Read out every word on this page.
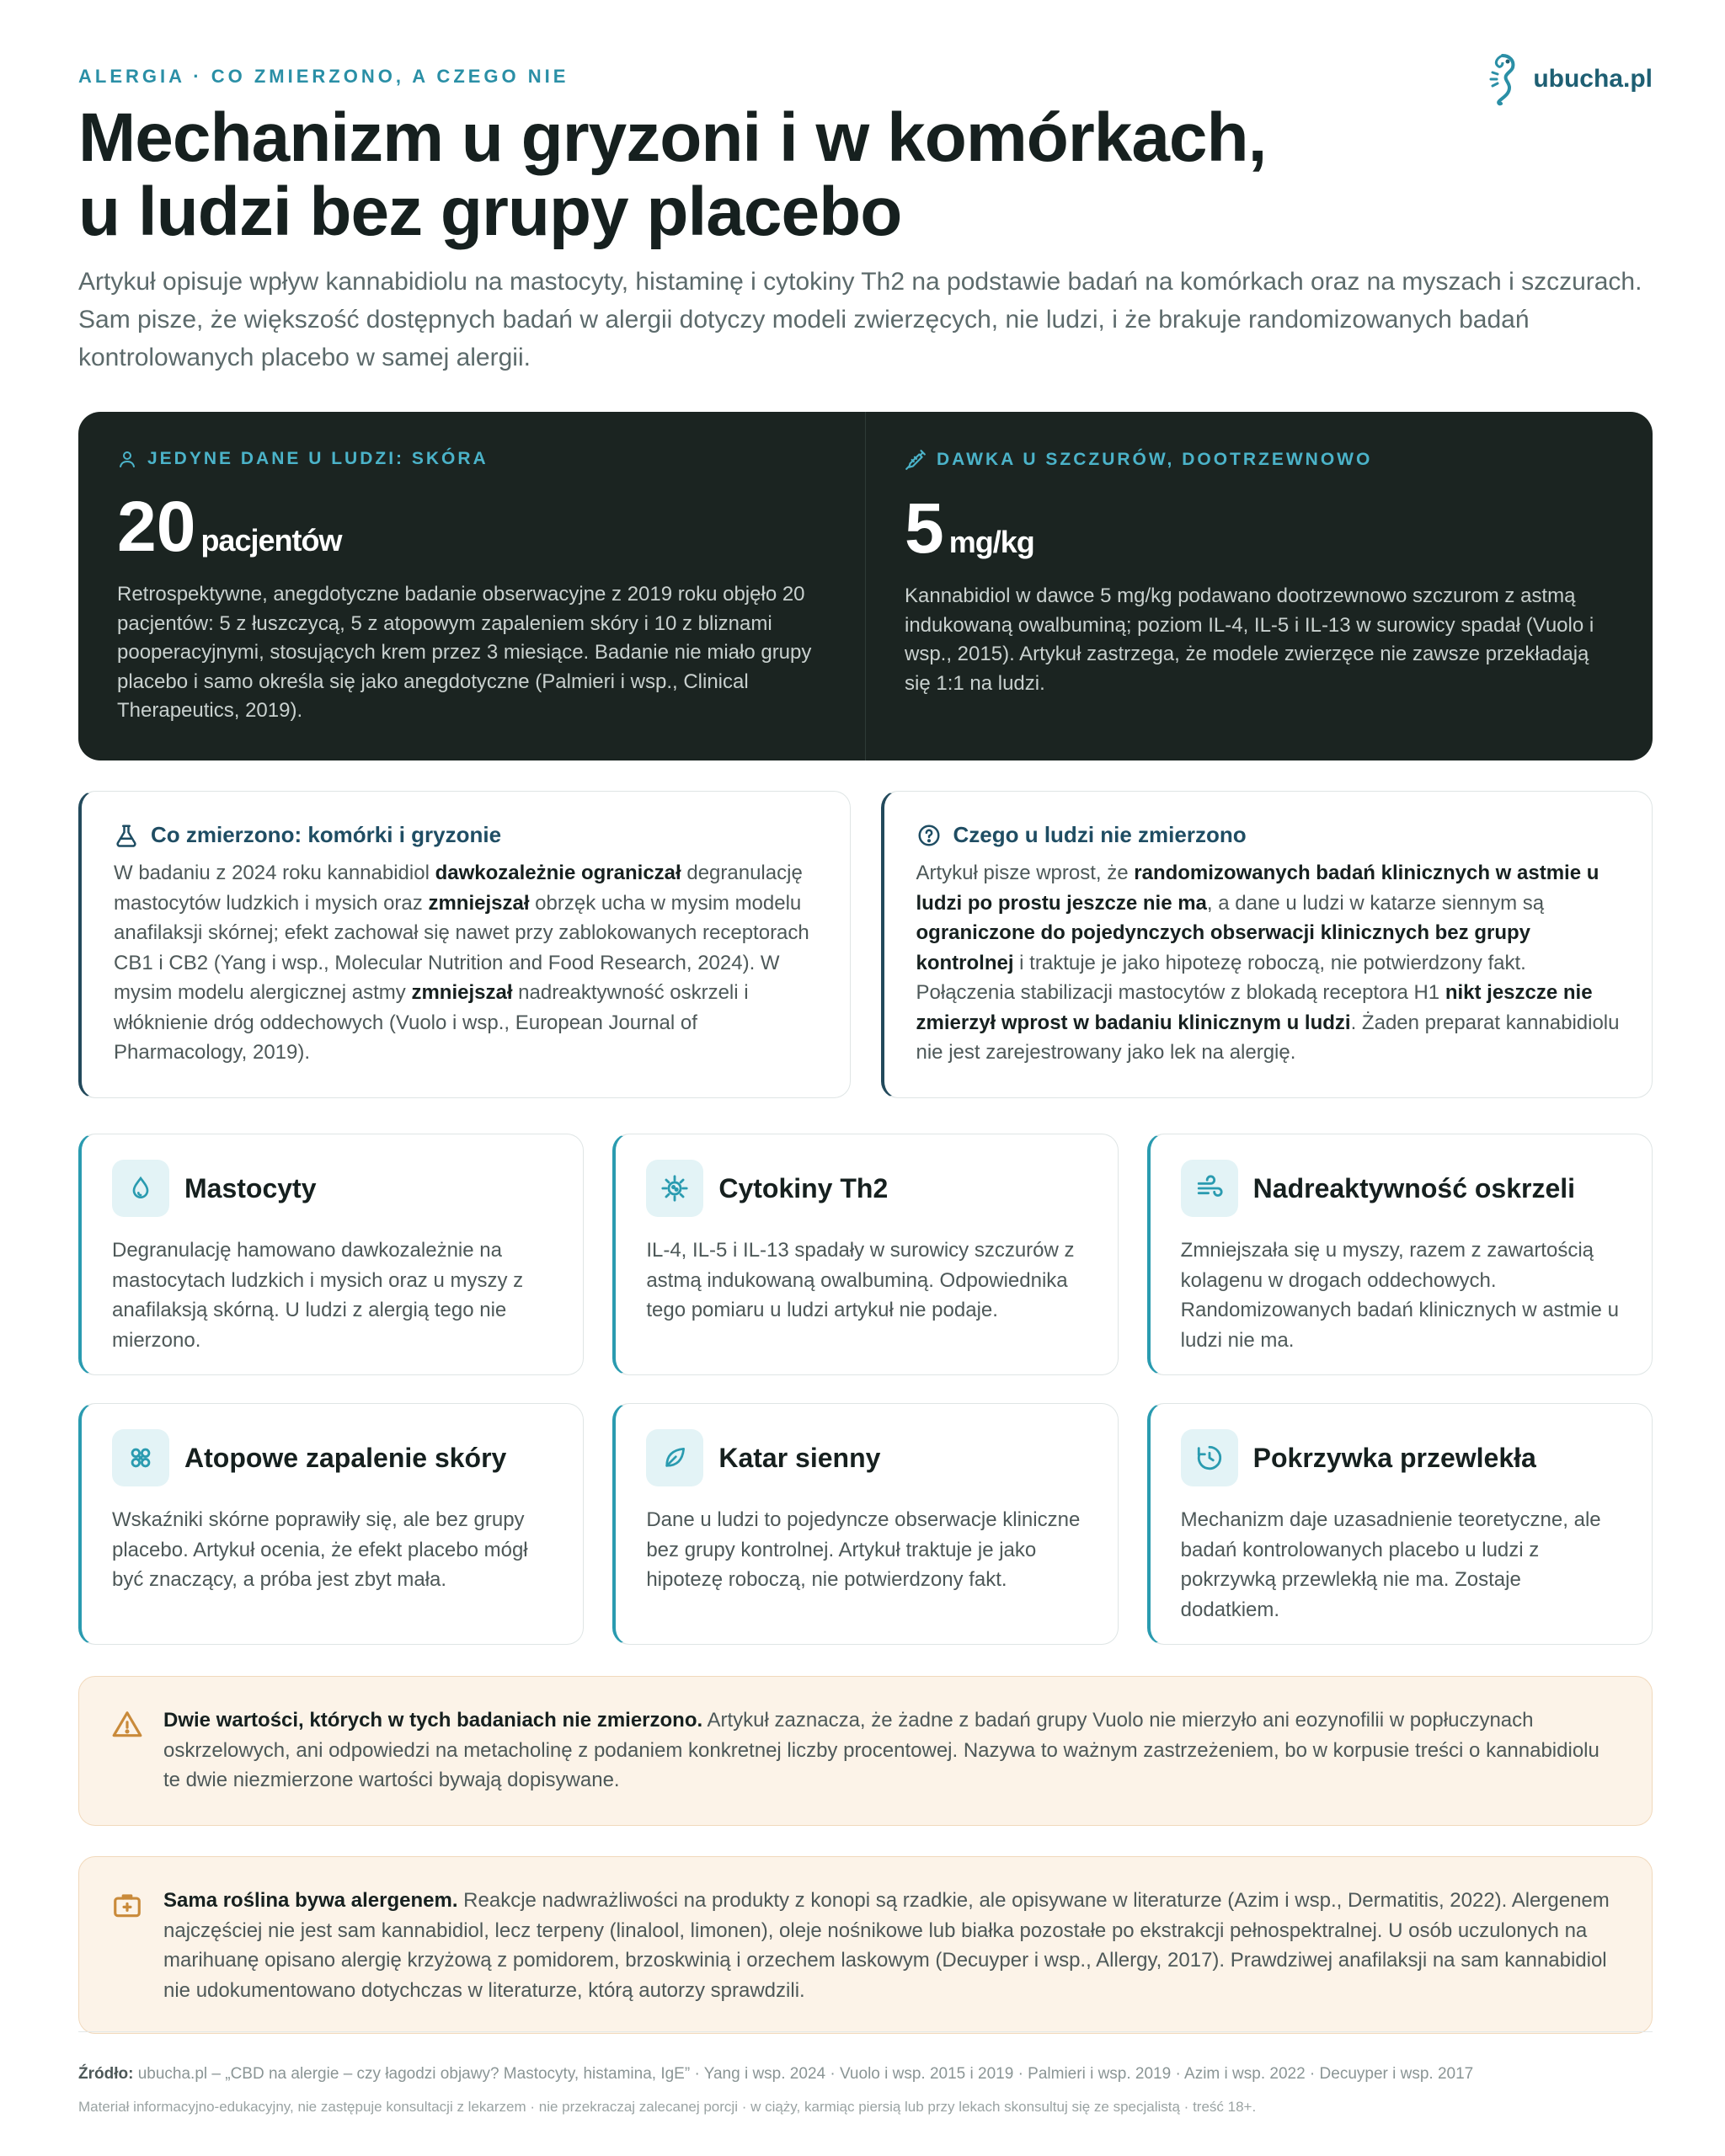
ALERGIA · CO ZMIERZONO, A CZEGO NIE	ubucha.pl
Mechanizm u gryzoni i w komórkach,
u ludzi bez grupy placebo

Artykuł opisuje wpływ kannabidiolu na mastocyty, histaminę i cytokiny Th2 na podstawie badań na komórkach oraz na myszach i szczurach. Sam pisze, że większość dostępnych badań w alergii dotyczy modeli zwierzęcych, nie ludzi, i że brakuje randomizowanych badań kontrolowanych placebo w samej alergii.

JEDYNE DANE U LUDZI: SKÓRA
20 pacjentów

Retrospektywne, anegdotyczne badanie obserwacyjne z 2019 roku objęło 20 pacjentów: 5 z łuszczycą, 5 z atopowym zapaleniem skóry i 10 z bliznami pooperacyjnymi, stosujących krem przez 3 miesiące. Badanie nie miało grupy placebo i samo określa się jako anegdotyczne (Palmieri i wsp., Clinical Therapeutics, 2019).

DAWKA U SZCZURÓW, DOOTRZEWNOWO
5 mg/kg

Kannabidiol w dawce 5 mg/kg podawano dootrzewnowo szczurom z astmą indukowaną owalbuminą; poziom IL-4, IL-5 i IL-13 w surowicy spadał (Vuolo i wsp., 2015). Artykuł zastrzega, że modele zwierzęce nie zawsze przekładają się 1:1 na ludzi.

Co zmierzono: komórki i gryzonie

W badaniu z 2024 roku kannabidiol dawkozależnie ograniczał degranulację mastocytów ludzkich i mysich oraz zmniejszał obrzęk ucha w mysim modelu anafilaksji skórnej; efekt zachował się nawet przy zablokowanych receptorach CB1 i CB2 (Yang i wsp., Molecular Nutrition and Food Research, 2024). W mysim modelu alergicznej astmy zmniejszał nadreaktywność oskrzeli i włóknienie dróg oddechowych (Vuolo i wsp., European Journal of Pharmacology, 2019).

Czego u ludzi nie zmierzono

Artykuł pisze wprost, że randomizowanych badań klinicznych w astmie u ludzi po prostu jeszcze nie ma, a dane u ludzi w katarze siennym są ograniczone do pojedynczych obserwacji klinicznych bez grupy kontrolnej i traktuje je jako hipotezę roboczą, nie potwierdzony fakt. Połączenia stabilizacji mastocytów z blokadą receptora H1 nikt jeszcze nie zmierzył wprost w badaniu klinicznym u ludzi. Żaden preparat kannabidiolu nie jest zarejestrowany jako lek na alergię.

Mastocyty

Degranulację hamowano dawkozależnie na mastocytach ludzkich i mysich oraz u myszy z anafilaksją skórną. U ludzi z alergią tego nie mierzono.

Cytokiny Th2

IL-4, IL-5 i IL-13 spadały w surowicy szczurów z astmą indukowaną owalbuminą. Odpowiednika tego pomiaru u ludzi artykuł nie podaje.

Nadreaktywność oskrzeli

Zmniejszała się u myszy, razem z zawartością kolagenu w drogach oddechowych. Randomizowanych badań klinicznych w astmie u ludzi nie ma.

Atopowe zapalenie skóry

Wskaźniki skórne poprawiły się, ale bez grupy placebo. Artykuł ocenia, że efekt placebo mógł być znaczący, a próba jest zbyt mała.

Katar sienny

Dane u ludzi to pojedyncze obserwacje kliniczne bez grupy kontrolnej. Artykuł traktuje je jako hipotezę roboczą, nie potwierdzony fakt.

Pokrzywka przewlekła

Mechanizm daje uzasadnienie teoretyczne, ale badań kontrolowanych placebo u ludzi z pokrzywką przewlekłą nie ma. Zostaje dodatkiem.

Dwie wartości, których w tych badaniach nie zmierzono. Artykuł zaznacza, że żadne z badań grupy Vuolo nie mierzyło ani eozynofilii w popłuczynach oskrzelowych, ani odpowiedzi na metacholinę z podaniem konkretnej liczby procentowej. Nazywa to ważnym zastrzeżeniem, bo w korpusie treści o kannabidiolu te dwie niezmierzone wartości bywają dopisywane.

Sama roślina bywa alergenem. Reakcje nadwrażliwości na produkty z konopi są rzadkie, ale opisywane w literaturze (Azim i wsp., Dermatitis, 2022). Alergenem najczęściej nie jest sam kannabidiol, lecz terpeny (linalool, limonen), oleje nośnikowe lub białka pozostałe po ekstrakcji pełnospektralnej. U osób uczulonych na marihuanę opisano alergię krzyżową z pomidorem, brzoskwinią i orzechem laskowym (Decuyper i wsp., Allergy, 2017). Prawdziwej anafilaksji na sam kannabidiol nie udokumentowano dotychczas w literaturze, którą autorzy sprawdzili.

Źródło: ubucha.pl – „CBD na alergie – czy łagodzi objawy? Mastocyty, histamina, IgE” · Yang i wsp. 2024 · Vuolo i wsp. 2015 i 2019 · Palmieri i wsp. 2019 · Azim i wsp. 2022 · Decuyper i wsp. 2017

Materiał informacyjno-edukacyjny, nie zastępuje konsultacji z lekarzem · nie przekraczaj zalecanej porcji · w ciąży, karmiąc piersią lub przy lekach skonsultuj się ze specjalistą · treść 18+.
